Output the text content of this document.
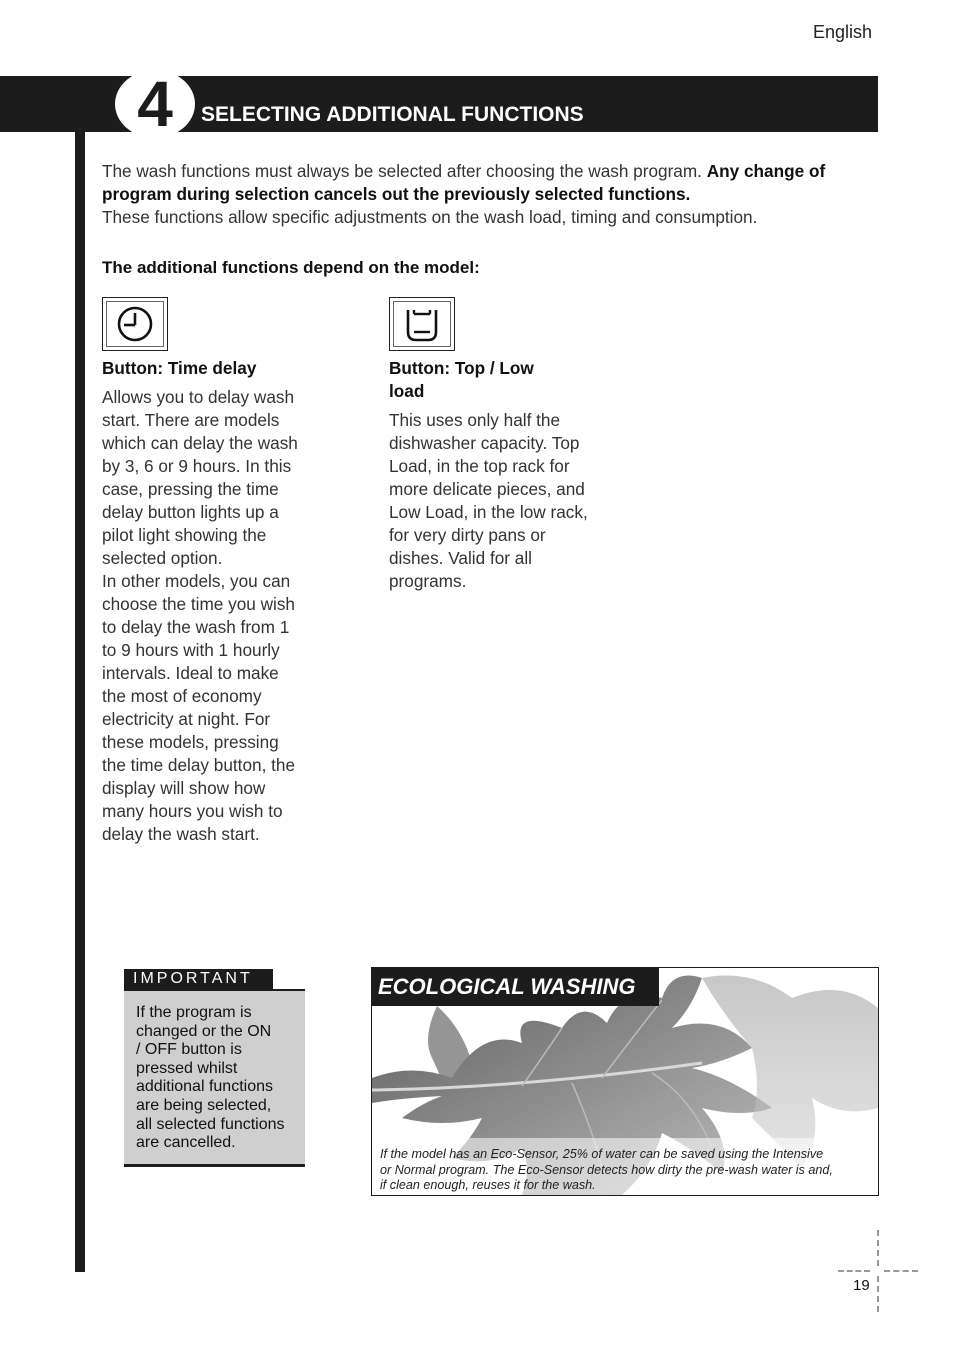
English
4 SELECTING ADDITIONAL FUNCTIONS
The wash functions must always be selected after choosing the wash program. Any change of program during selection cancels out the previously selected functions.
These functions allow specific adjustments on the wash load, timing and consumption.
The additional functions depend on the model:
Button: Time delay
Allows you to delay wash
start. There are models
which can delay the wash
by 3, 6 or 9 hours. In this
case, pressing the time
delay button lights up a
pilot light showing the
selected option.
In other models, you can
choose the time you wish
to delay the wash from 1
to 9 hours with 1 hourly
intervals. Ideal to make
the most of economy
electricity at night. For
these models, pressing
the time delay button, the
display will show how
many hours you wish to
delay the wash start.
Button: Top / Low
load
This uses only half the
dishwasher capacity. Top
Load, in the top rack for
more delicate pieces, and
Low Load, in the low rack,
for very dirty pans or
dishes. Valid for all
programs.
IMPORTANT
If the program is
changed or the ON
/ OFF button is
pressed whilst
additional functions
are being selected,
all selected functions
are cancelled.
ECOLOGICAL WASHING
If the model has an Eco-Sensor, 25% of water can be saved using the Intensive
or Normal program. The Eco-Sensor detects how dirty the pre-wash water is and,
if clean enough, reuses it for the wash.
19
